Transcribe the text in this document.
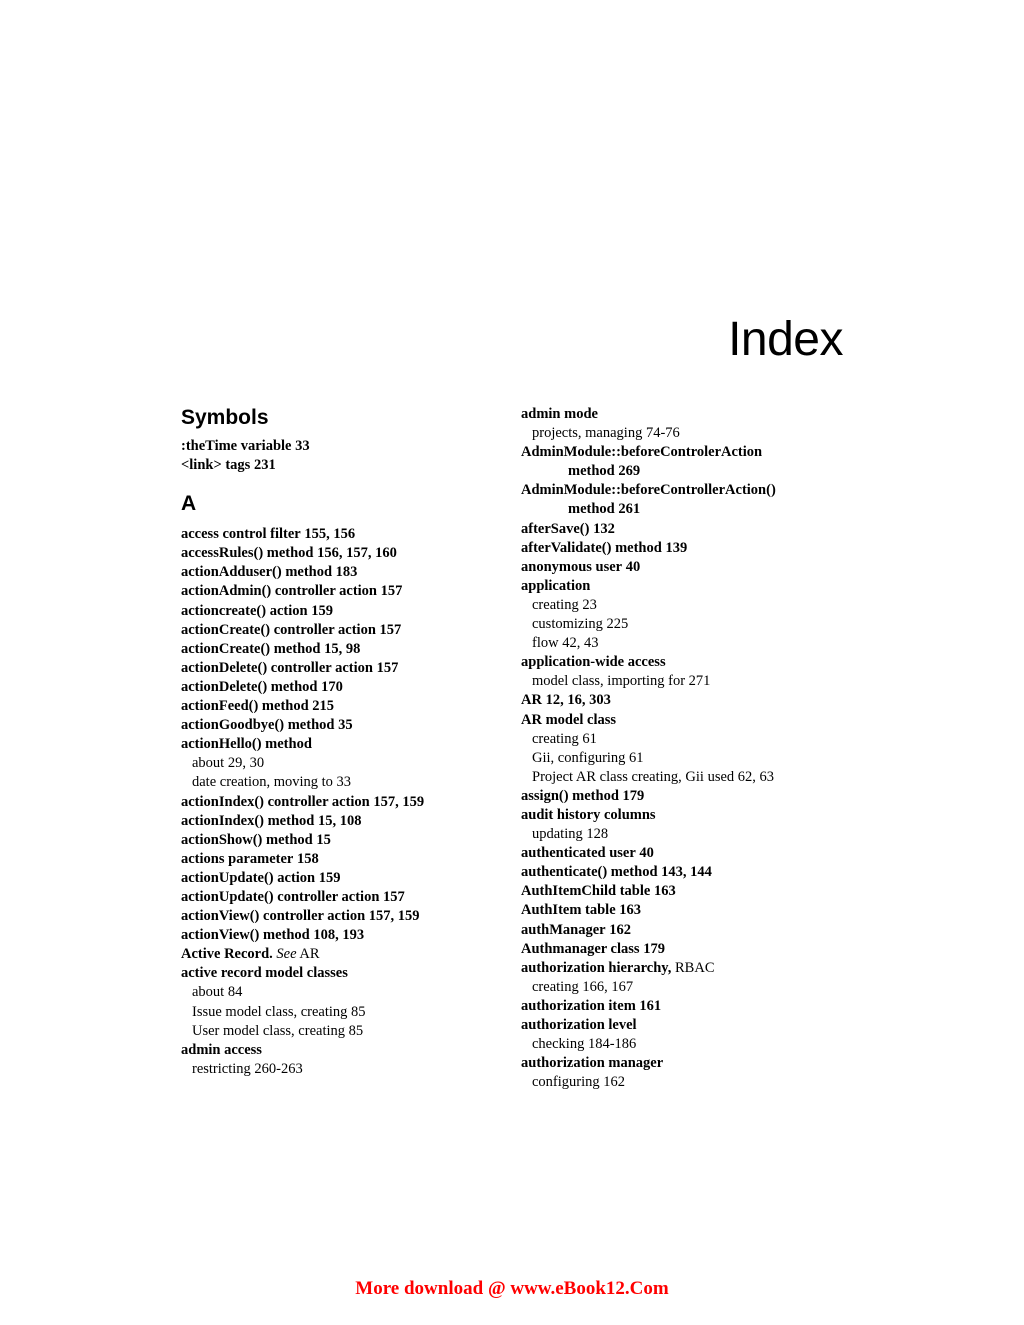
Index
Symbols
:theTime variable 33
<link> tags 231
A
access control filter 155, 156
accessRules() method 156, 157, 160
actionAdduser() method 183
actionAdmin() controller action 157
actioncreate() action 159
actionCreate() controller action 157
actionCreate() method 15, 98
actionDelete() controller action 157
actionDelete() method 170
actionFeed() method 215
actionGoodbye() method 35
actionHello() method
about 29, 30
date creation, moving to 33
actionIndex() controller action 157, 159
actionIndex() method 15, 108
actionShow() method 15
actions parameter 158
actionUpdate() action 159
actionUpdate() controller action 157
actionView() controller action 157, 159
actionView() method 108, 193
Active Record. See AR
active record model classes
about 84
Issue model class, creating 85
User model class, creating 85
admin access
restricting 260-263
admin mode
projects, managing 74-76
AdminModule::beforeControlerAction
method 269
AdminModule::beforeControllerAction()
method 261
afterSave() 132
afterValidate() method 139
anonymous user 40
application
creating 23
customizing 225
flow 42, 43
application-wide access
model class, importing for 271
AR 12, 16, 303
AR model class
creating 61
Gii, configuring 61
Project AR class creating, Gii used 62, 63
assign() method 179
audit history columns
updating 128
authenticated user 40
authenticate() method 143, 144
AuthItemChild table 163
AuthItem table 163
authManager 162
Authmanager class 179
authorization hierarchy, RBAC
creating 166, 167
authorization item 161
authorization level
checking 184-186
authorization manager
configuring 162
More download @ www.eBook12.Com
